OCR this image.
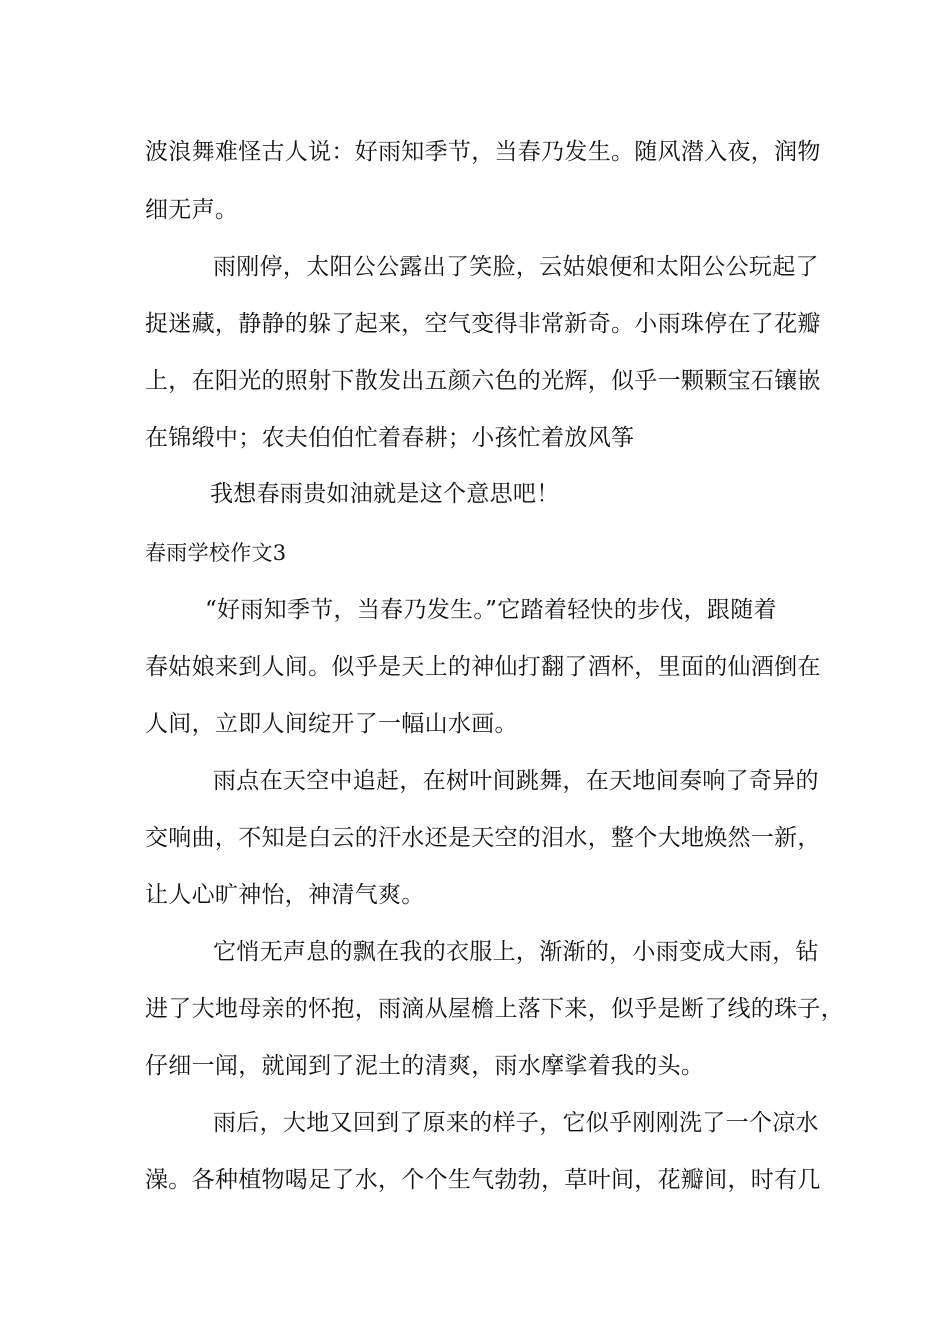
波浪舞难怪古人说：好雨知季节，当春乃发生。随风潜入夜，润物
细无声。
雨刚停，太阳公公露出了笑脸，云姑娘便和太阳公公玩起了
捉迷藏，静静的躲了起来，空气变得非常新奇。小雨珠停在了花瓣
上，在阳光的照射下散发出五颜六色的光辉，似乎一颗颗宝石镶嵌
在锦缎中；农夫伯伯忙着春耕；小孩忙着放风筝
我想春雨贵如油就是这个意思吧！
春雨学校作文3
“好雨知季节，当春乃发生。”它踏着轻快的步伐，跟随着
春姑娘来到人间。似乎是天上的神仙打翻了酒杯，里面的仙酒倒在
人间，立即人间绽开了一幅山水画。
雨点在天空中追赶，在树叶间跳舞，在天地间奏响了奇异的
交响曲，不知是白云的汗水还是天空的泪水，整个大地焕然一新，
让人心旷神怡，神清气爽。
它悄无声息的飘在我的衣服上，渐渐的，小雨变成大雨，钻
进了大地母亲的怀抱，雨滴从屋檐上落下来，似乎是断了线的珠子，
仔细一闻，就闻到了泥土的清爽，雨水摩挲着我的头。
雨后，大地又回到了原来的样子，它似乎刚刚洗了一个凉水
澡。各种植物喝足了水，个个生气勃勃，草叶间，花瓣间，时有几
